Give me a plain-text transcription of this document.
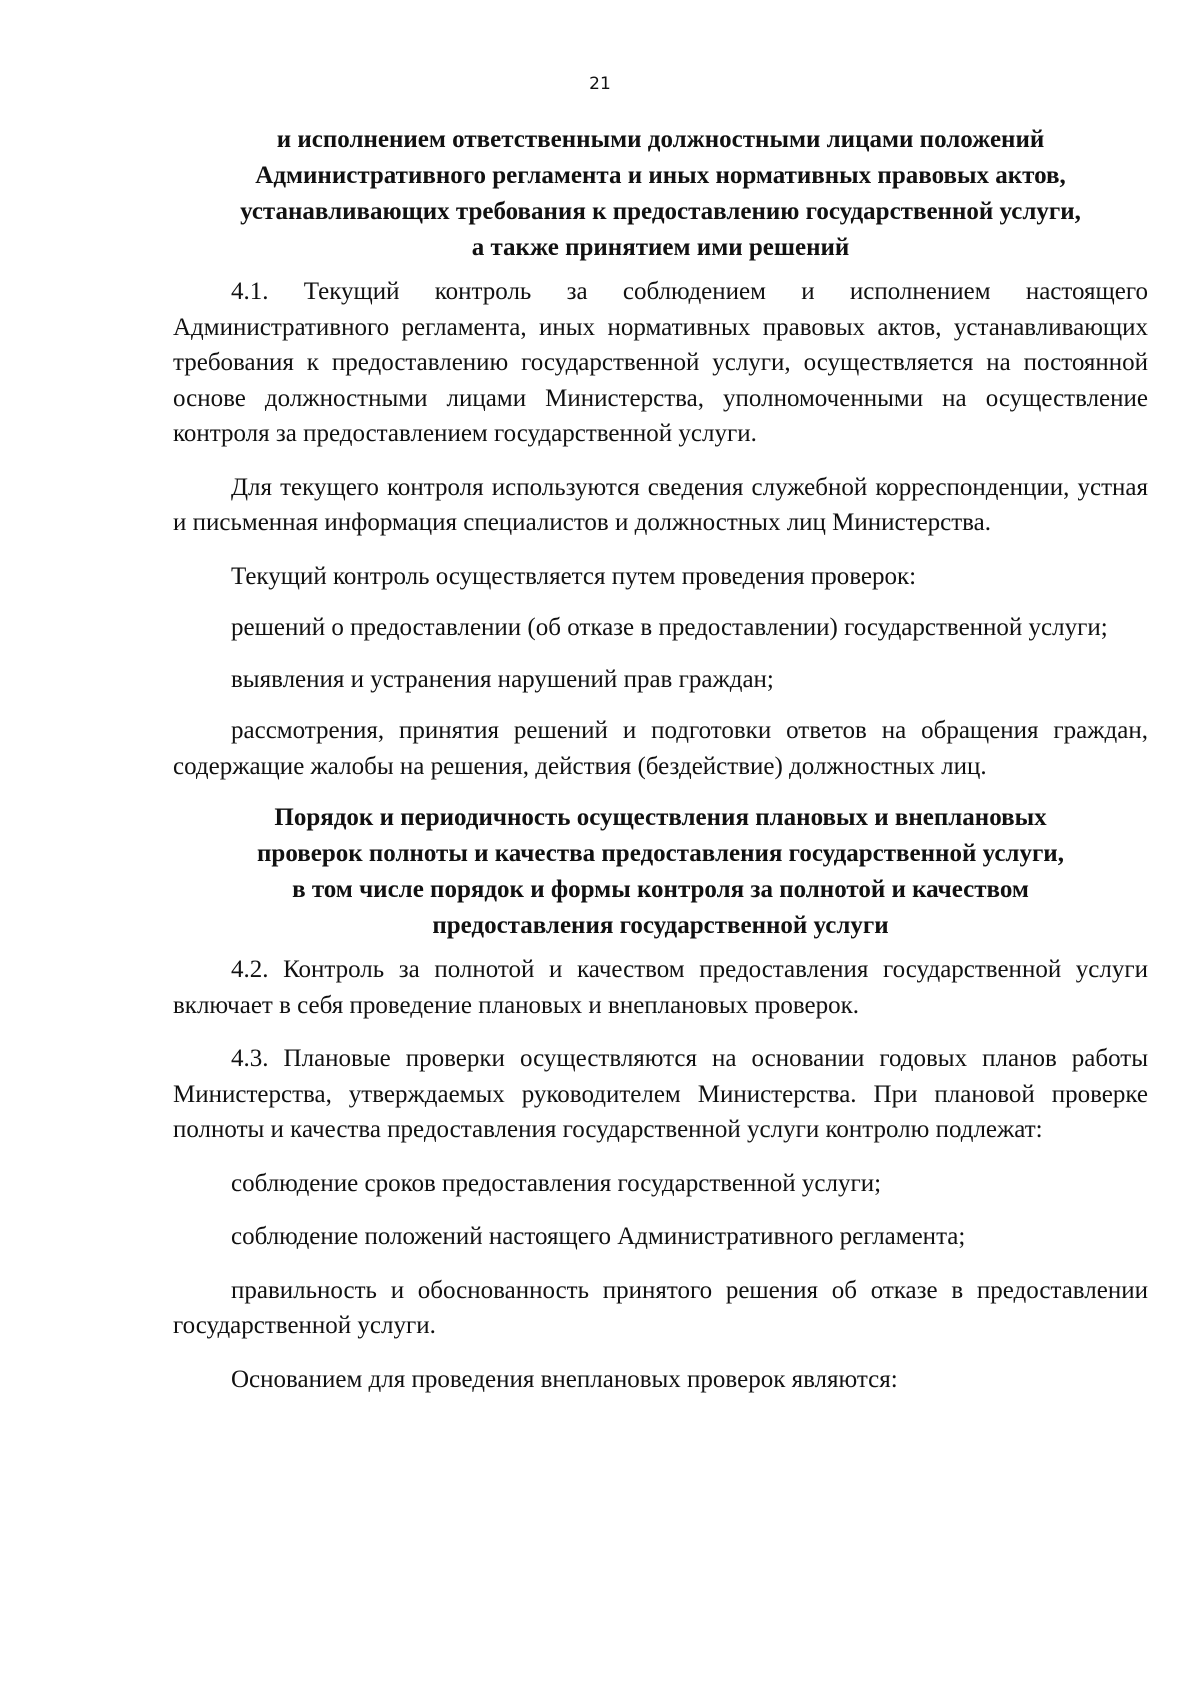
21
и исполнением ответственными должностными лицами положений
Административного регламента и иных нормативных правовых актов,
устанавливающих требования к предоставлению государственной услуги,
а также принятием ими решений

4.1. Текущий контроль за соблюдением и исполнением настоящего Административного регламента, иных нормативных правовых актов, устанавливающих требования к предоставлению государственной услуги, осуществляется на постоянной основе должностными лицами Министерства, уполномоченными на осуществление контроля за предоставлением государственной услуги.

Для текущего контроля используются сведения служебной корреспонденции, устная и письменная информация специалистов и должностных лиц Министерства.

Текущий контроль осуществляется путем проведения проверок:

решений о предоставлении (об отказе в предоставлении) государственной услуги;

выявления и устранения нарушений прав граждан;

рассмотрения, принятия решений и подготовки ответов на обращения граждан, содержащие жалобы на решения, действия (бездействие) должностных лиц.

Порядок и периодичность осуществления плановых и внеплановых
проверок полноты и качества предоставления государственной услуги,
в том числе порядок и формы контроля за полнотой и качеством
предоставления государственной услуги

4.2. Контроль за полнотой и качеством предоставления государственной услуги включает в себя проведение плановых и внеплановых проверок.

4.3. Плановые проверки осуществляются на основании годовых планов работы Министерства, утверждаемых руководителем Министерства. При плановой проверке полноты и качества предоставления государственной услуги контролю подлежат:

соблюдение сроков предоставления государственной услуги;

соблюдение положений настоящего Административного регламента;

правильность и обоснованность принятого решения об отказе в предоставлении государственной услуги.

Основанием для проведения внеплановых проверок являются:
